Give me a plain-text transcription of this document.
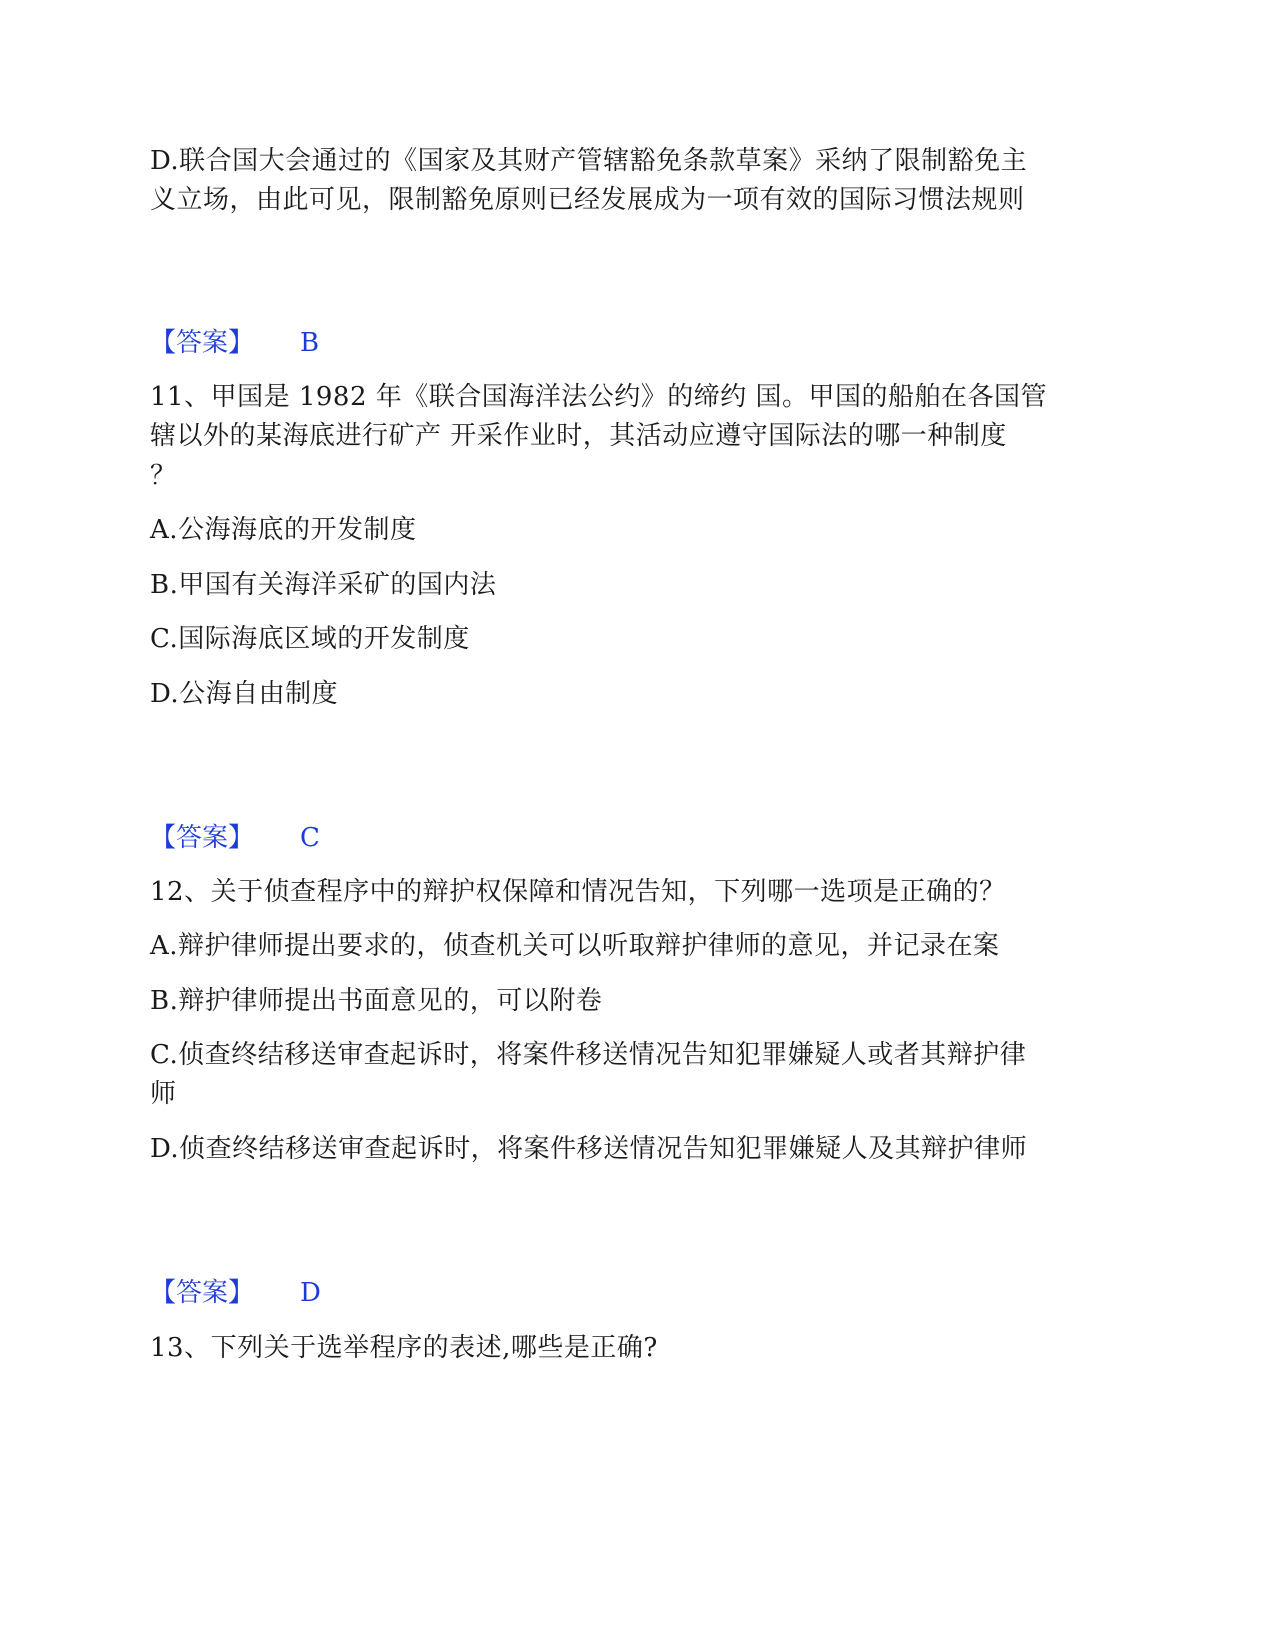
D.联合国大会通过的《国家及其财产管辖豁免条款草案》采纳了限制豁免主
义立场，由此可见，限制豁免原则已经发展成为一项有效的国际习惯法规则
【答案】 B
11、甲国是 1982 年《联合国海洋法公约》的缔约 国。甲国的船舶在各国管
辖以外的某海底进行矿产 开采作业时，其活动应遵守国际法的哪一种制度
？
A.公海海底的开发制度
B.甲国有关海洋采矿的国内法
C.国际海底区域的开发制度
D.公海自由制度
【答案】 C
12、关于侦查程序中的辩护权保障和情况告知，下列哪一选项是正确的？
A.辩护律师提出要求的，侦查机关可以听取辩护律师的意见，并记录在案
B.辩护律师提出书面意见的，可以附卷
C.侦查终结移送审查起诉时，将案件移送情况告知犯罪嫌疑人或者其辩护律
师
D.侦查终结移送审查起诉时，将案件移送情况告知犯罪嫌疑人及其辩护律师
【答案】 D
13、下列关于选举程序的表述,哪些是正确?
